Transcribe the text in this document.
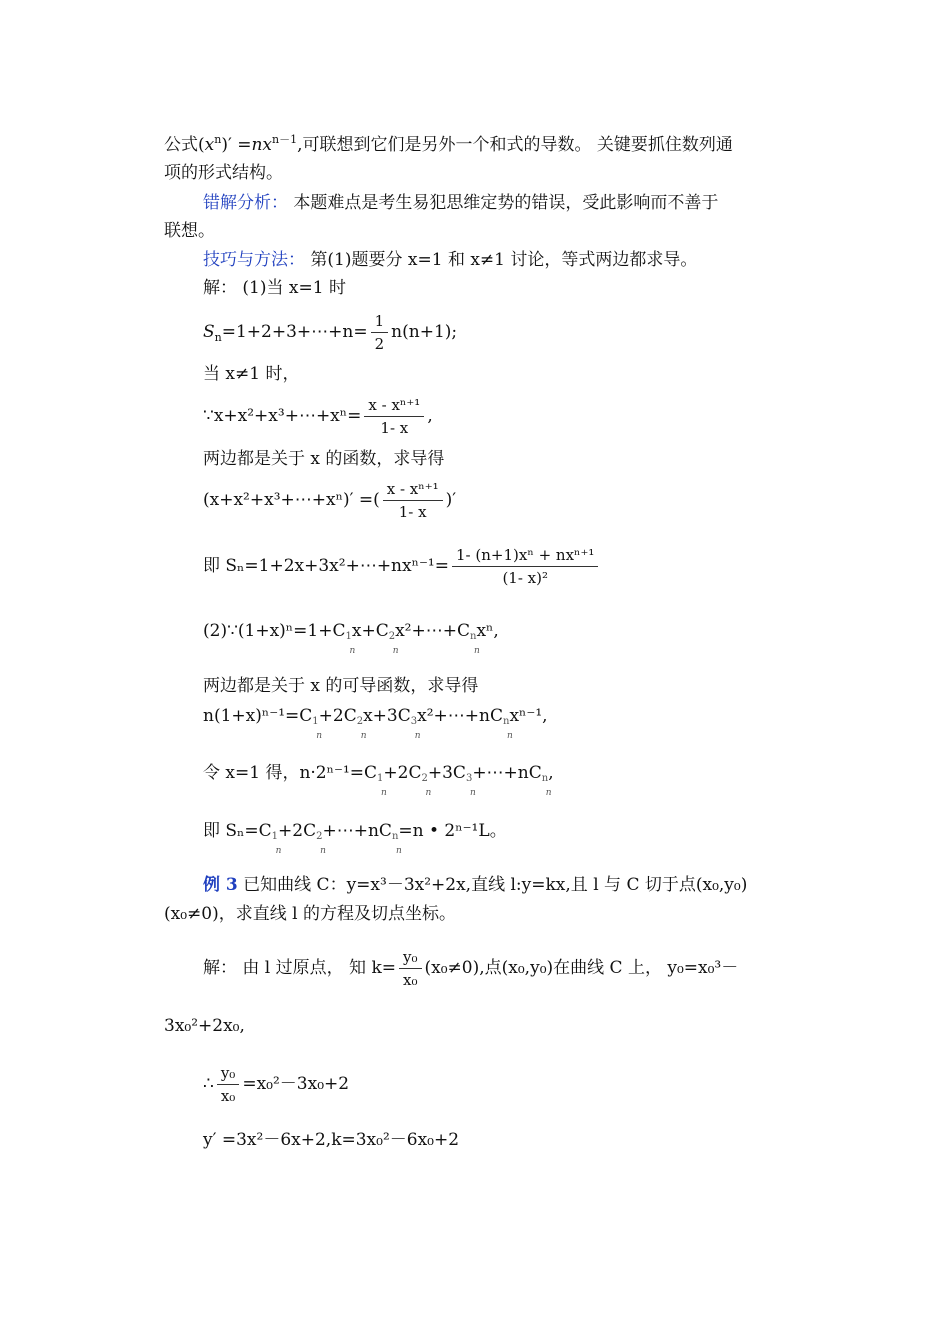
公式$(x^n)' =nx^{n-1}$,可联想到它们是另外一个和式的导数。 关键要抓住数列通
项的形式结构。
错解分析： 本题难点是考生易犯思维定势的错误，受此影响而不善于
联想。
技巧与方法： 第(1)题要分 x=1 和 x≠1 讨论，等式两边都求导。
解： (1)当 x=1 时
$S_n=1+2+3+\cdots+n= \frac{1}{2} n(n+1)$;
当 x≠1 时，
∵x+x²+x³+⋯+xⁿ= $\frac{\text{x - xⁿ⁺¹}}{1- x}$ ,
两边都是关于 x 的函数，求导得
(x+x²+x³+⋯+xⁿ)′ =( $\frac{\text{x - xⁿ⁺¹}}{1- x}$ )′
即 Sₙ=1+2x+3x²+⋯+nxⁿ⁻¹= $\frac{\text{1- (n+1)xⁿ + nxⁿ⁺¹}}{\text{(1- x)²}}$
(2)∵(1+x)ⁿ=1+C1
n
x+C2
n
x²+⋯+Cn
n
xⁿ,
两边都是关于 x 的可导函数，求导得
n(1+x)ⁿ⁻¹=C1
n
+2C2
n
x+3C3
n
x²+⋯+nCn
n
xⁿ⁻¹,
令 x=1 得，n·2ⁿ⁻¹=C1
n
+2C2
n
+3C3
n
+⋯+nCn
n
,
即 Sₙ=C1
n
+2C2
n
+⋯+nCn
n
=n • 2ⁿ⁻¹L。
例 3 已知曲线 C：y=x³－3x²+2x,直线 l:y=kx,且 l 与 C 切于点(x₀,y₀)
(x₀≠0)，求直线 l 的方程及切点坐标。
解： 由 l 过原点， 知 $k= \frac{\text{y₀}}{\text{x₀}} (x_0\ne 0)$,点(x₀,y₀)在曲线 C 上， y₀=x₀³－
3x₀²+2x₀,
∴ $\frac{\text{y₀}}{\text{x₀}} =x_0^2-3x_0+2$
y′ =3x²－6x+2,k=3x₀²－6x₀+2
